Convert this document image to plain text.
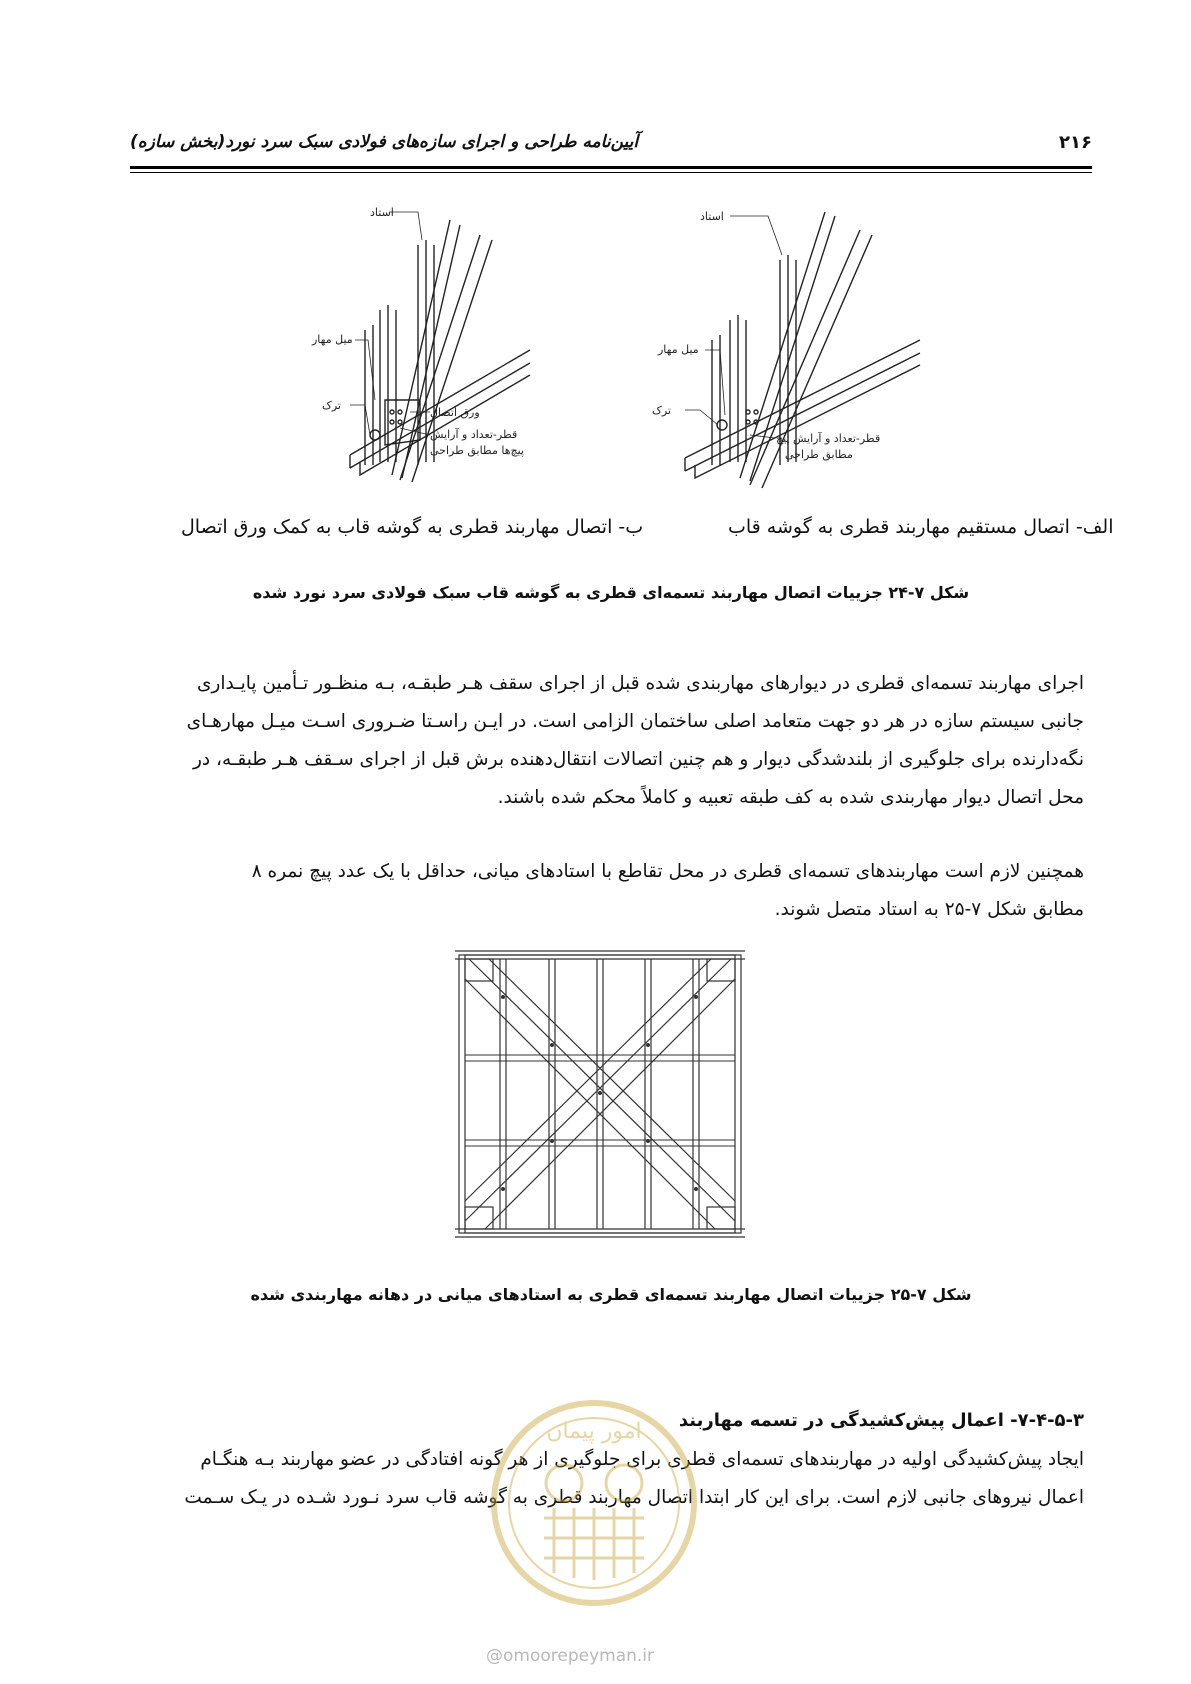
۲۱۶
آیین‌نامه طراحی و اجرای سازه‌های فولادی سبک سرد نورد(بخش سازه)
استاد
میل مهار
ترک
ورق اتصال
قطر-تعداد و آرایش
پیچ‌ها مطابق طراحی
استاد
میل مهار
ترک
قطر-تعداد و آرایش پیچ
مطابق طراحی
ب- اتصال مهاربند قطری به گوشه قاب به کمک ورق اتصال	الف- اتصال مستقیم مهاربند قطری به گوشه قاب
شکل ۷-۲۴ جزییات اتصال مهاربند تسمه‌ای قطری به گوشه قاب سبک فولادی سرد نورد شده
اجرای مهاربند تسمه‌ای قطری در دیوارهای مهاربندی شده قبل از اجرای سقف هـر طبقـه، بـه منظـور تـأمین پایـداری
جانبی سیستم سازه در هر دو جهت متعامد اصلی ساختمان الزامی است. در ایـن راسـتا ضـروری اسـت میـل مهارهـای
نگه‌دارنده برای جلوگیری از بلندشدگی دیوار و هم چنین اتصالات انتقال‌دهنده برش قبل از اجرای سـقف هـر طبقـه، در
محل اتصال دیوار مهاربندی شده به کف طبقه تعبیه و کاملاً محکم شده باشند.
همچنین لازم است مهاربندهای تسمه‌ای قطری در محل تقاطع با استادهای میانی، حداقل با یک عدد پیچ نمره ۸
مطابق شکل ۷-۲۵ به استاد متصل شوند.
شکل ۷-۲۵ جزییات اتصال مهاربند تسمه‌ای قطری به استادهای میانی در دهانه مهاربندی شده
۷-۴-۵-۳- اعمال پیش‌کشیدگی در تسمه مهاربند
ایجاد پیش‌کشیدگی اولیه در مهاربندهای تسمه‌ای قطری برای جلوگیری از هر گونه افتادگی در عضو مهاربند بـه هنگـام
اعمال نیروهای جانبی لازم است. برای این کار ابتدا اتصال مهاربند قطری به گوشه قاب سرد نـورد شـده در یـک سـمت
امور پیمان
@omoorepeyman.ir
